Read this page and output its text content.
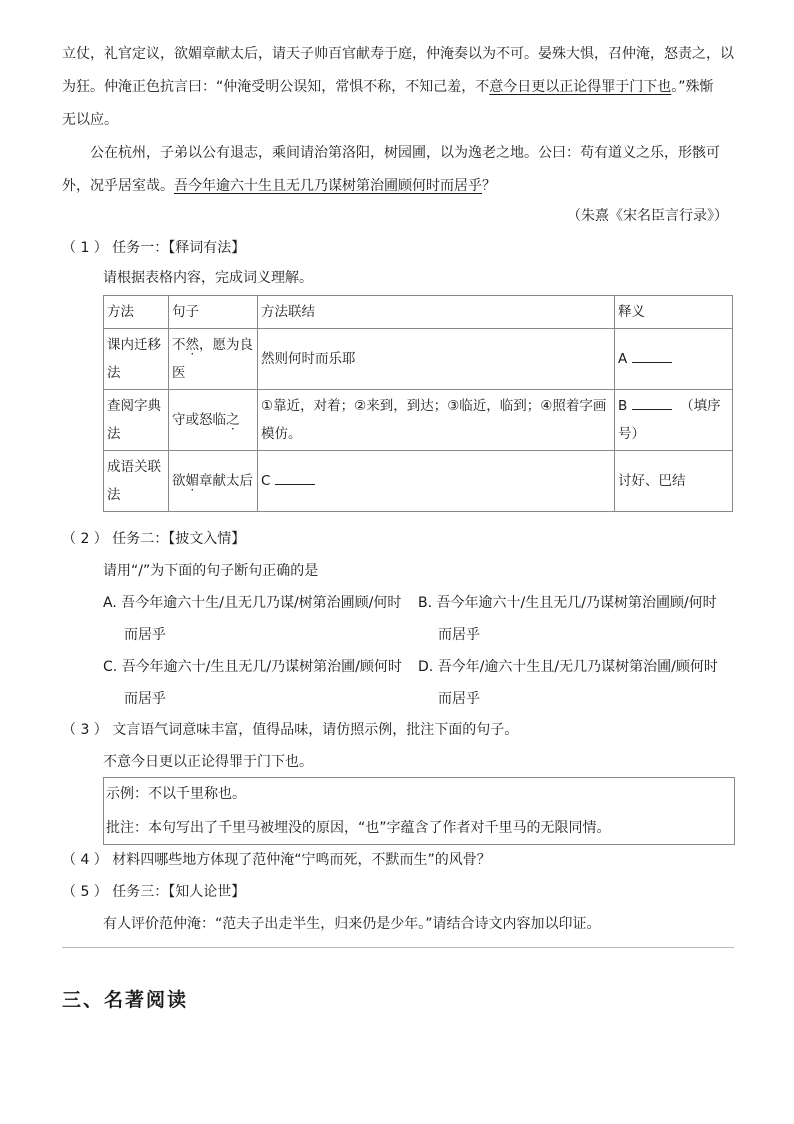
立仗，礼官定议，欲媚章献太后，请天子帅百官献寿于庭，仲淹奏以为不可。晏殊大惧，召仲淹，怒责之，以
为狂。仲淹正色抗言曰：“仲淹受明公误知，常惧不称，不知己羞，不意今日更以正论得罪于门下也。”殊惭
无以应。
公在杭州，子弟以公有退志，乘间请治第洛阳，树园圃，以为逸老之地。公曰：苟有道义之乐，形骸可
外，况乎居室哉。吾今年逾六十生且无几乃谋树第治圃顾何时而居乎？
（朱熹《宋名臣言行录》）
（ 1 ） 任务一：【释词有法】
请根据表格内容，完成词义理解。
方法	句子	方法联结	释义
课内迁移法	不然，愿为良医	然则何时而乐耶	A
查阅字典法	守或怒临之	①靠近，对着；②来到，到达；③临近，临到；④照着字画模仿。	B （填序号）
成语关联法	欲媚章献太后	C	讨好、巴结
（ 2 ） 任务二：【披文入情】
请用“/”为下面的句子断句正确的是
A. 吾今年逾六十生/且无几乃谋/树第治圃顾/何时
而居乎
B. 吾今年逾六十/生且无几/乃谋树第治圃顾/何时
而居乎
C. 吾今年逾六十/生且无几/乃谋树第治圃/顾何时
而居乎
D. 吾今年/逾六十生且/无几乃谋树第治圃/顾何时
而居乎
（ 3 ） 文言语气词意味丰富，值得品味，请仿照示例，批注下面的句子。
不意今日更以正论得罪于门下也。
示例：不以千里称也。
批注：本句写出了千里马被埋没的原因，“也”字蕴含了作者对千里马的无限同情。
（ 4 ） 材料四哪些地方体现了范仲淹“宁鸣而死，不默而生”的风骨？
（ 5 ） 任务三：【知人论世】
有人评价范仲淹：“范夫子出走半生，归来仍是少年。”请结合诗文内容加以印证。
三、名著阅读
